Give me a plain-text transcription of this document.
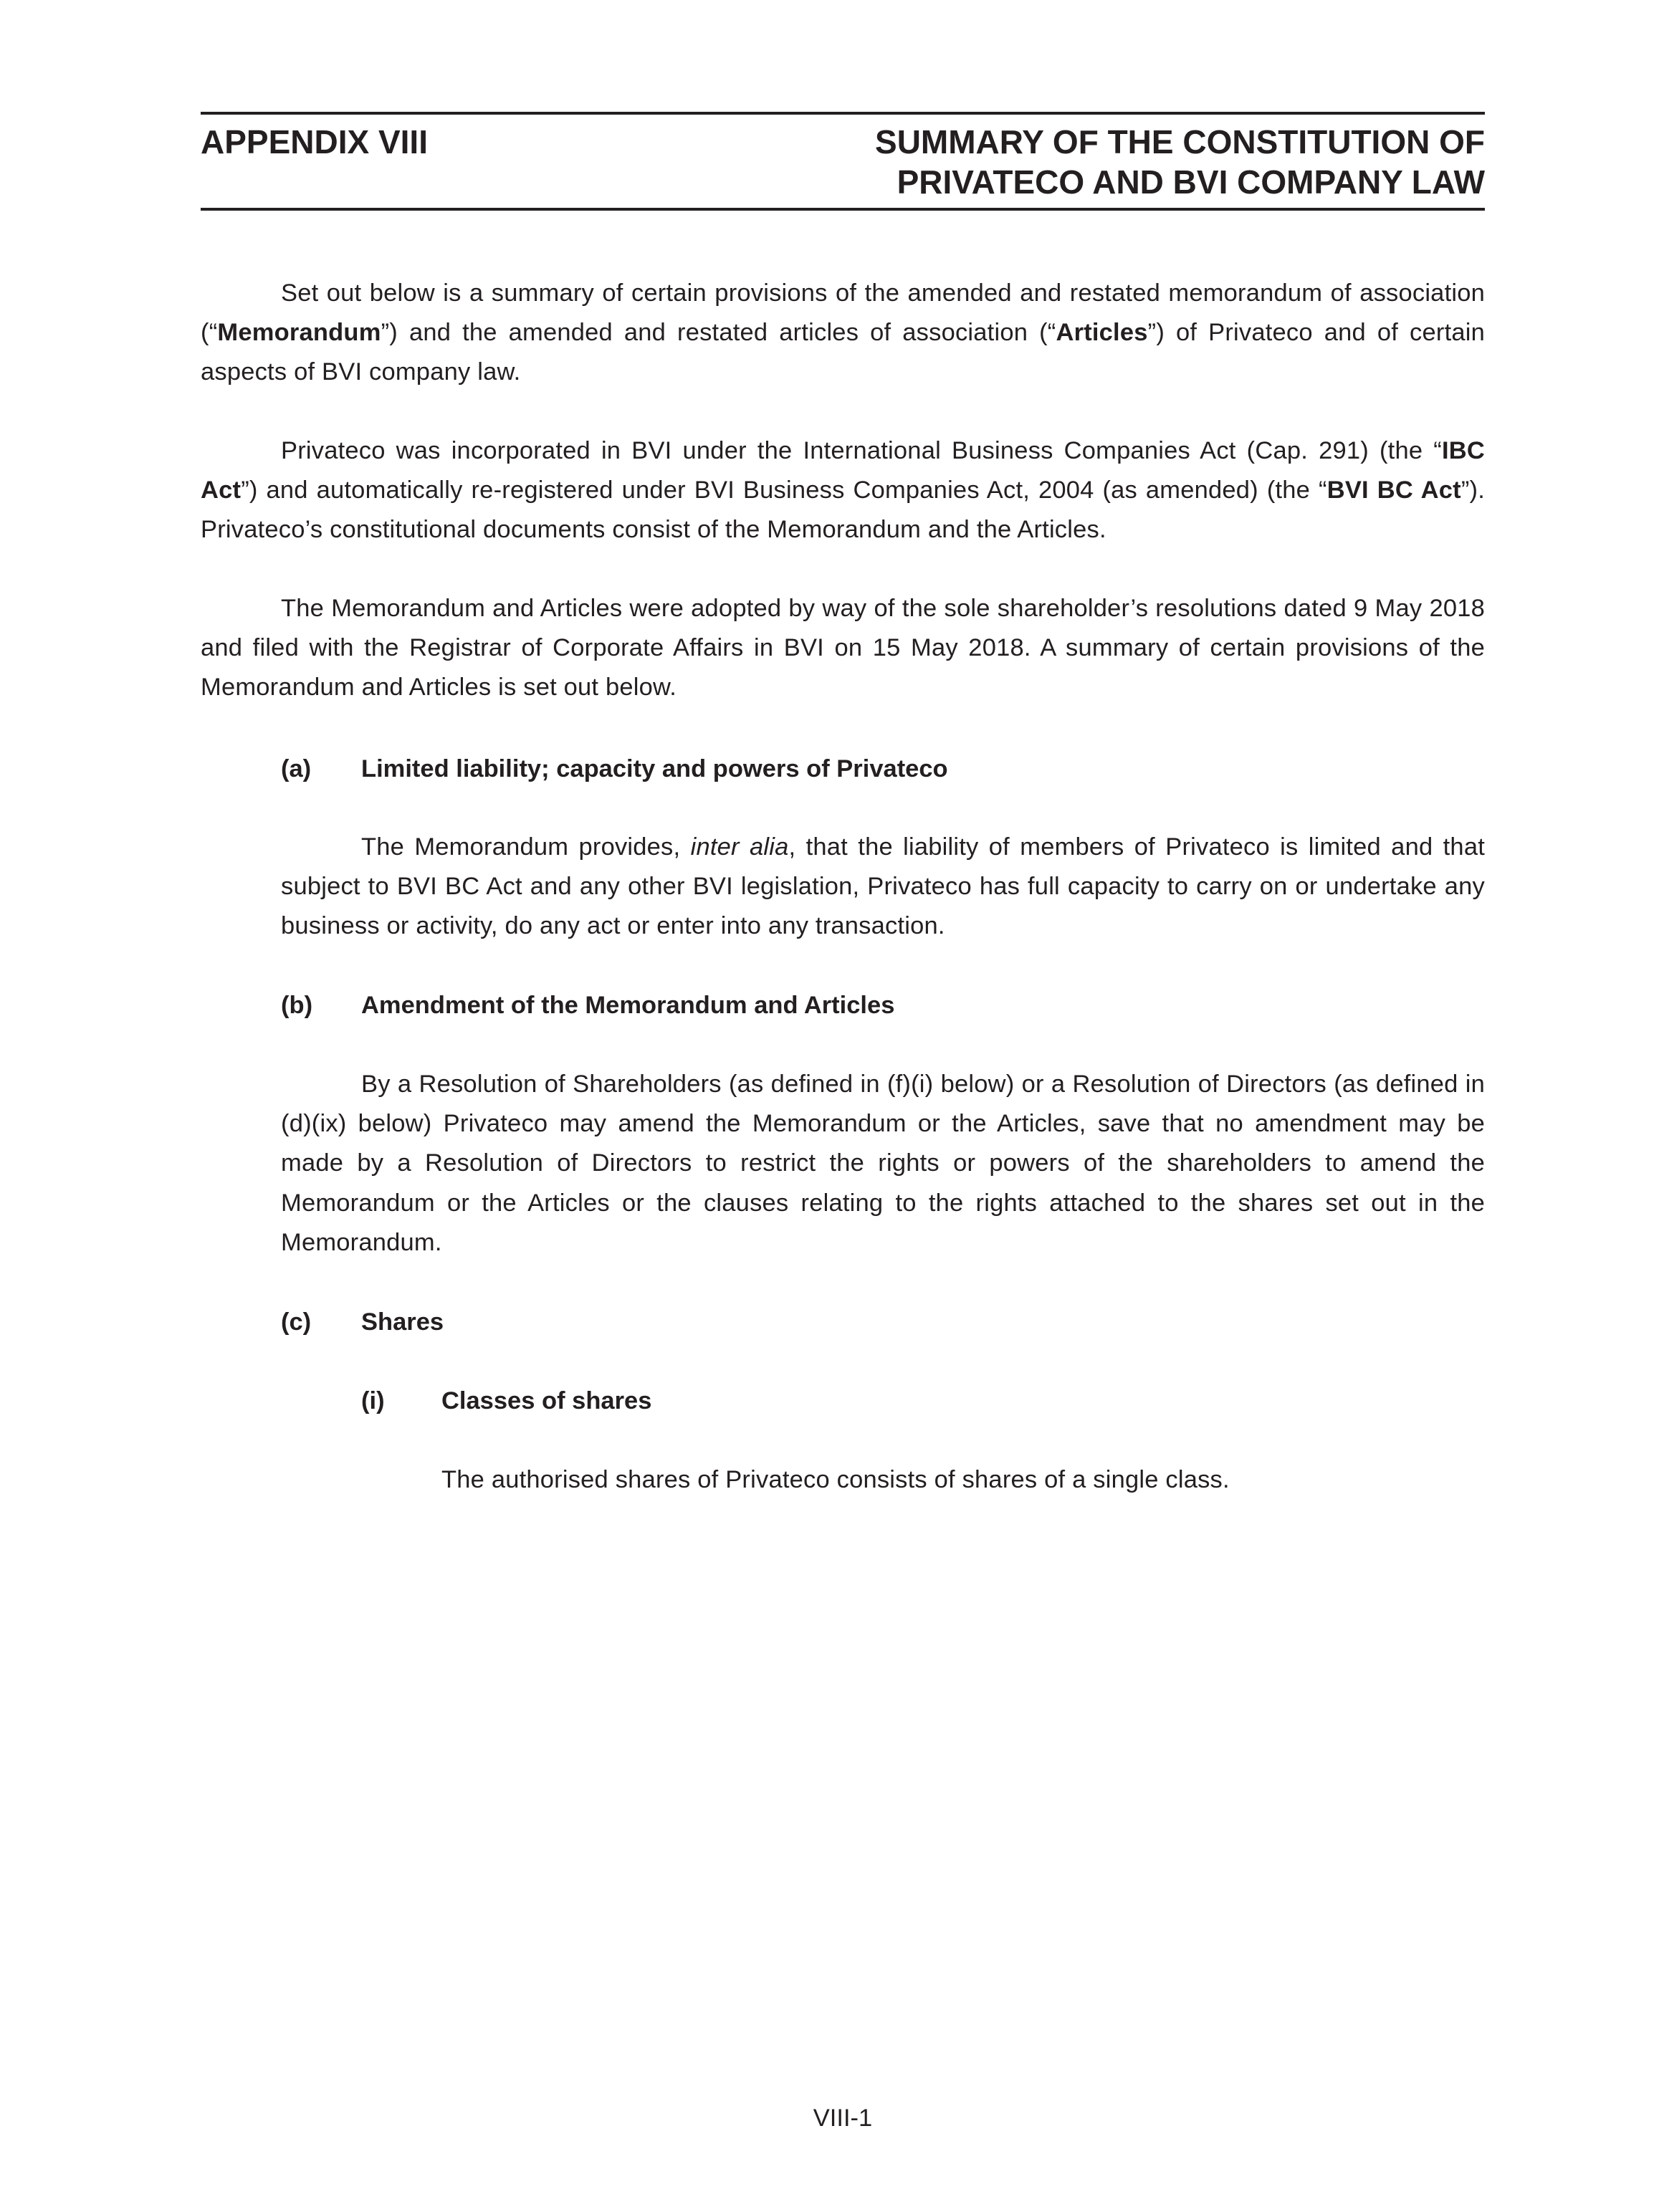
APPENDIX VIII	SUMMARY OF THE CONSTITUTION OF
PRIVATECO AND BVI COMPANY LAW

Set out below is a summary of certain provisions of the amended and restated memorandum of association (“Memorandum”) and the amended and restated articles of association (“Articles”) of Privateco and of certain aspects of BVI company law.

Privateco was incorporated in BVI under the International Business Companies Act (Cap. 291) (the “IBC Act”) and automatically re-registered under BVI Business Companies Act, 2004 (as amended) (the “BVI BC Act”). Privateco’s constitutional documents consist of the Memorandum and the Articles.

The Memorandum and Articles were adopted by way of the sole shareholder’s resolutions dated 9 May 2018 and filed with the Registrar of Corporate Affairs in BVI on 15 May 2018. A summary of certain provisions of the Memorandum and Articles is set out below.

(a) Limited liability; capacity and powers of Privateco

The Memorandum provides, inter alia, that the liability of members of Privateco is limited and that subject to BVI BC Act and any other BVI legislation, Privateco has full capacity to carry on or undertake any business or activity, do any act or enter into any transaction.

(b) Amendment of the Memorandum and Articles

By a Resolution of Shareholders (as defined in (f)(i) below) or a Resolution of Directors (as defined in (d)(ix) below) Privateco may amend the Memorandum or the Articles, save that no amendment may be made by a Resolution of Directors to restrict the rights or powers of the shareholders to amend the Memorandum or the Articles or the clauses relating to the rights attached to the shares set out in the Memorandum.

(c) Shares
(i) Classes of shares

The authorised shares of Privateco consists of shares of a single class.

VIII-1
